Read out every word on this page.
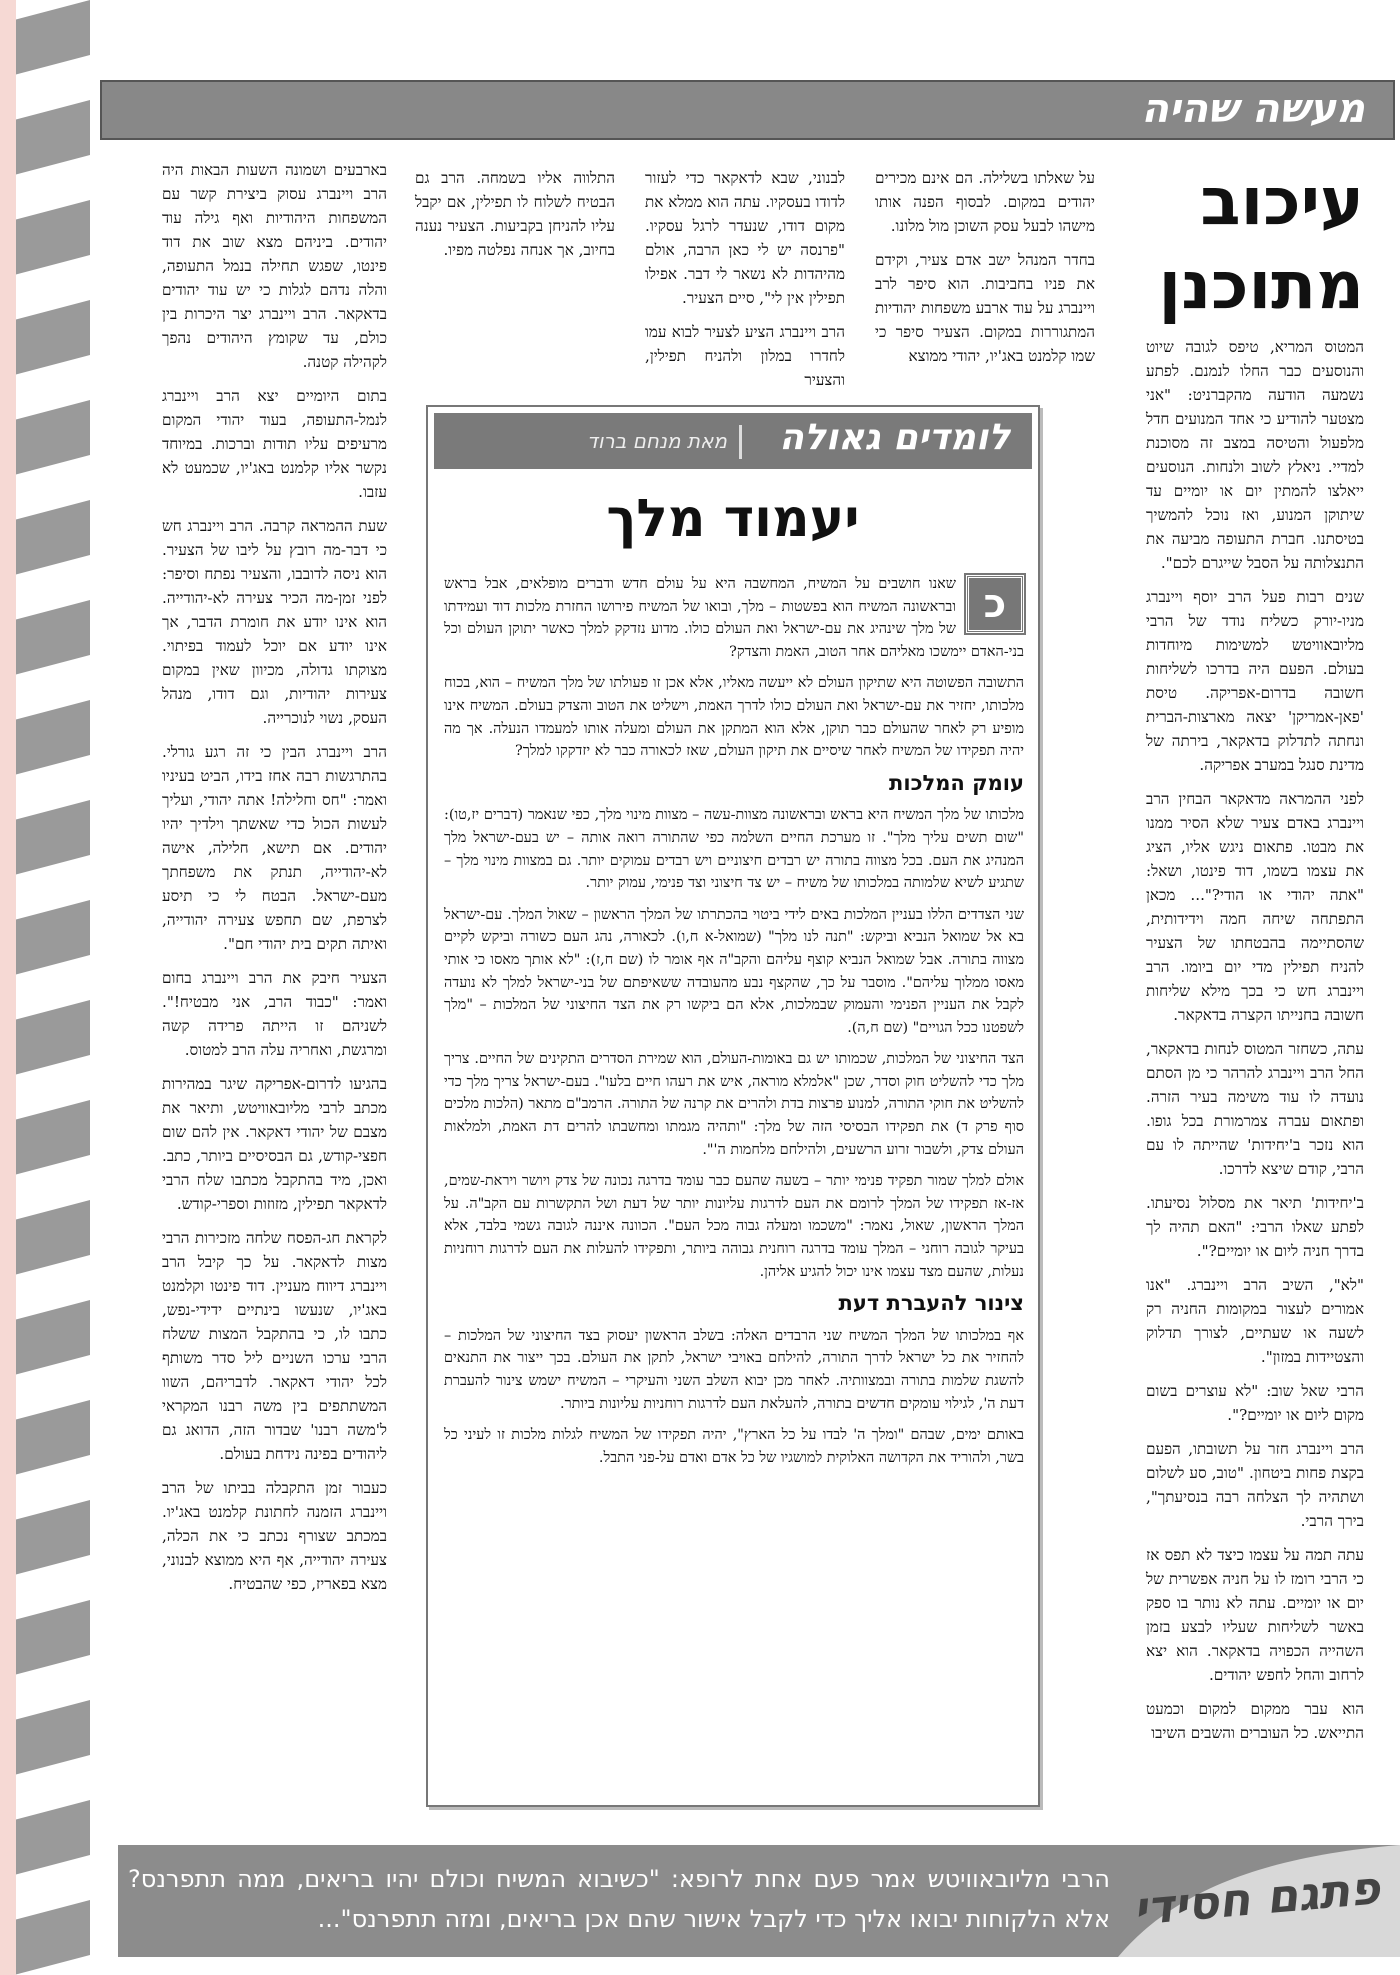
מעשה שהיה
עיכוב מתוכנן

המטוס המריא, טיפס לגובה שיוט והנוסעים כבר החלו לנמנם. לפתע נשמעה הודעה מהקברניט: "אני מצטער להודיע כי אחד המנועים חדל מלפעול והטיסה במצב זה מסוכנת למדיי. ניאלץ לשוב ולנחות. הנוסעים ייאלצו להמתין יום או יומיים עד שיתוקן המנוע, ואז נוכל להמשיך בטיסתנו. חברת התעופה מביעה את התנצלותה על הסבל שייגרם לכם".

שנים רבות פעל הרב יוסף ויינברג מניו-יורק כשליח נודד של הרבי מליובאוויטש למשימות מיוחדות בעולם. הפעם היה בדרכו לשליחות חשובה בדרום-אפריקה. טיסת 'פאן-אמריקן' יצאה מארצות-הברית ונחתה לתדלוק בדאקאר, בירתה של מדינת סנגל במערב אפריקה.

לפני ההמראה מדאקאר הבחין הרב ויינברג באדם צעיר שלא הסיר ממנו את מבטו. פתאום ניגש אליו, הציג את עצמו בשמו, דוד פינטו, ושאל: "אתה יהודי או הודי?"... מכאן התפתחה שיחה חמה וידידותית, שהסתיימה בהבטחתו של הצעיר להניח תפילין מדי יום ביומו. הרב ויינברג חש כי בכך מילא שליחות חשובה בחנייתו הקצרה בדאקאר.

עתה, כשחזר המטוס לנחות בדאקאר, החל הרב ויינברג להרהר כי מן הסתם נועדה לו עוד משימה בעיר הזרה. ופתאום עברה צמרמורת בכל גופו. הוא נזכר ב'יחידות' שהייתה לו עם הרבי, קודם שיצא לדרכו.

ב'יחידות' תיאר את מסלול נסיעתו. לפתע שאלו הרבי: "האם תהיה לך בדרך חניה ליום או יומיים?".

"לא", השיב הרב ויינברג. "אנו אמורים לעצור במקומות החניה רק לשעה או שעתיים, לצורך תדלוק והצטיידות במזון".

הרבי שאל שוב: "לא עוצרים בשום מקום ליום או יומיים?".

הרב ויינברג חזר על תשובתו, הפעם בקצת פחות ביטחון. "טוב, סע לשלום ושתהיה לך הצלחה רבה בנסיעתך", בירך הרבי.

עתה תמה על עצמו כיצד לא תפס אז כי הרבי רומז לו על חניה אפשרית של יום או יומיים. עתה לא נותר בו ספק באשר לשליחות שעליו לבצע בזמן השהייה הכפויה בדאקאר. הוא יצא לרחוב והחל לחפש יהודים.

הוא עבר ממקום למקום וכמעט התייאש. כל העוברים והשבים השיבו

על שאלתו בשלילה. הם אינם מכירים יהודים במקום. לבסוף הפנה אותו מישהו לבעל עסק השוכן מול מלונו.

בחדר המנהל ישב אדם צעיר, וקידם את פניו בחביבות. הוא סיפר לרב ויינברג על עוד ארבע משפחות יהודיות המתגוררות במקום. הצעיר סיפר כי שמו קלמנט באג'יו, יהודי ממוצא

לבנוני, שבא לדאקאר כדי לעזור לדודו בעסקיו. עתה הוא ממלא את מקום דודו, שנעדר לרגל עסקיו. "פרנסה יש לי כאן הרבה, אולם מהיהדות לא נשאר לי דבר. אפילו תפילין אין לי", סיים הצעיר.

הרב ויינברג הציע לצעיר לבוא עמו לחדרו במלון ולהניח תפילין, והצעיר

התלווה אליו בשמחה. הרב גם הבטיח לשלוח לו תפילין, אם יקבל עליו להניחן בקביעות. הצעיר נענה בחיוב, אך אנחה נפלטה מפיו.

בארבעים ושמונה השעות הבאות היה הרב ויינברג עסוק ביצירת קשר עם המשפחות היהודיות ואף גילה עוד יהודים. ביניהם מצא שוב את דוד פינטו, שפגש תחילה בנמל התעופה, והלה נדהם לגלות כי יש עוד יהודים בדאקאר. הרב ויינברג יצר היכרות בין כולם, עד שקומץ היהודים נהפך לקהילה קטנה.

בתום היומיים יצא הרב ויינברג לנמל-התעופה, בעוד יהודי המקום מרעיפים עליו תודות וברכות. במיוחד נקשר אליו קלמנט באג'יו, שכמעט לא עזבו.

שעת ההמראה קרבה. הרב ויינברג חש כי דבר-מה רובץ על ליבו של הצעיר. הוא ניסה לדובבו, והצעיר נפתח וסיפר: לפני זמן-מה הכיר צעירה לא-יהודייה. הוא אינו יודע את חומרת הדבר, אך אינו יודע אם יוכל לעמוד בפיתוי. מצוקתו גדולה, מכיוון שאין במקום צעירות יהודיות, וגם דודו, מנהל העסק, נשוי לנוכרייה.

הרב ויינברג הבין כי זה רגע גורלי. בהתרגשות רבה אחז בידו, הביט בעיניו ואמר: "חס וחלילה! אתה יהודי, ועליך לעשות הכול כדי שאשתך וילדיך יהיו יהודים. אם תישא, חלילה, אישה לא-יהודייה, תנתק את משפחתך מעם-ישראל. הבטח לי כי תיסע לצרפת, שם תחפש צעירה יהודייה, ואיתה תקים בית יהודי חם".

הצעיר חיבק את הרב ויינברג בחום ואמר: "כבוד הרב, אני מבטיח!". לשניהם זו הייתה פרידה קשה ומרגשת, ואחריה עלה הרב למטוס.

בהגיעו לדרום-אפריקה שיגר במהירות מכתב לרבי מליובאוויטש, ותיאר את מצבם של יהודי דאקאר. אין להם שום חפצי-קודש, גם הבסיסיים ביותר, כתב. ואכן, מיד בהתקבל מכתבו שלח הרבי לדאקאר תפילין, מזוזות וספרי-קודש.

לקראת חג-הפסח שלחה מזכירות הרבי מצות לדאקאר. על כך קיבל הרב ויינברג דיווח מעניין. דוד פינטו וקלמנט באג'יו, שנעשו בינתיים ידידי-נפש, כתבו לו, כי בהתקבל המצות ששלח הרבי ערכו השניים ליל סדר משותף לכל יהודי דאקאר. לדבריהם, השוו המשתתפים בין משה רבנו המקראי ל'משה רבנו' שבדור הזה, הדואג גם ליהודים בפינה נידחת בעולם.

כעבור זמן התקבלה בביתו של הרב ויינברג הזמנה לחתונת קלמנט באג'יו. במכתב שצורף נכתב כי את הכלה, צעירה יהודייה, אף היא ממוצא לבנוני, מצא בפאריז, כפי שהבטיח.

לומדים גאולה
מאת מנחם ברוד
יעמוד מלך

כ
שאנו חושבים על המשיח, המחשבה היא על עולם חדש ודברים מופלאים, אבל בראש ובראשונה המשיח הוא בפשטות – מלך, ובואו של המשיח פירושו החזרת מלכות דוד ועמידתו של מלך שינהיג את עם-ישראל ואת העולם כולו. מדוע נזדקק למלך כאשר יתוקן העולם וכל בני-האדם יימשכו מאליהם אחר הטוב, האמת והצדק?

התשובה הפשוטה היא שתיקון העולם לא ייעשה מאליו, אלא אכן זו פעולתו של מלך המשיח – הוא, בכוח מלכותו, יחזיר את עם-ישראל ואת העולם כולו לדרך האמת, וישליט את הטוב והצדק בעולם. המשיח אינו מופיע רק לאחר שהעולם כבר תוקן, אלא הוא המתקן את העולם ומעלה אותו למעמדו הנעלה. אך מה יהיה תפקידו של המשיח לאחר שיסיים את תיקון העולם, שאז לכאורה כבר לא יזדקקו למלך?

עומק המלכות

מלכותו של מלך המשיח היא בראש ובראשונה מצוות-עשה – מצוות מינוי מלך, כפי שנאמר (דברים יז,טו): "שום תשים עליך מלך". זו מערכת החיים השלמה כפי שהתורה רואה אותה – יש בעם-ישראל מלך המנהיג את העם. בכל מצווה בתורה יש רבדים חיצוניים ויש רבדים עמוקים יותר. גם במצוות מינוי מלך – שתגיע לשיא שלמותה במלכותו של משיח – יש צד חיצוני וצד פנימי, עמוק יותר.

שני הצדדים הללו בעניין המלכות באים לידי ביטוי בהכתרתו של המלך הראשון – שאול המלך. עם-ישראל בא אל שמואל הנביא וביקש: "תנה לנו מלך" (שמואל-א ח,ו). לכאורה, נהג העם כשורה וביקש לקיים מצווה בתורה. אבל שמואל הנביא קוצף עליהם והקב"ה אף אומר לו (שם ח,ז): "לא אותך מאסו כי אותי מאסו ממלוך עליהם". מוסבר על כך, שהקצף נבע מהעובדה ששאיפתם של בני-ישראל למלך לא נועדה לקבל את העניין הפנימי והעמוק שבמלכות, אלא הם ביקשו רק את הצד החיצוני של המלכות – "מלך לשפטנו ככל הגויים" (שם ח,ה).

הצד החיצוני של המלכות, שכמותו יש גם באומות-העולם, הוא שמירת הסדרים התקינים של החיים. צריך מלך כדי להשליט חוק וסדר, שכן "אלמלא מוראה, איש את רעהו חיים בלעו". בעם-ישראל צריך מלך כדי להשליט את חוקי התורה, למנוע פרצות בדת ולהרים את קרנה של התורה. הרמב"ם מתאר (הלכות מלכים סוף פרק ד) את תפקידו הבסיסי הזה של מלך: "ותהיה מגמתו ומחשבתו להרים דת האמת, ולמלאות העולם צדק, ולשבור זרוע הרשעים, ולהילחם מלחמות ה'".

אולם למלך שמור תפקיד פנימי יותר – בשעה שהעם כבר עומד בדרגה נכונה של צדק ויושר ויראת-שמים, אז-אז תפקידו של המלך לרומם את העם לדרגות עליונות יותר של דעת ושל התקשרות עם הקב"ה. על המלך הראשון, שאול, נאמר: "משכמו ומעלה גבוה מכל העם". הכוונה איננה לגובה גשמי בלבד, אלא בעיקר לגובה רוחני – המלך עומד בדרגה רוחנית גבוהה ביותר, ותפקידו להעלות את העם לדרגות רוחניות נעלות, שהעם מצד עצמו אינו יכול להגיע אליהן.

צינור להעברת דעת

אף במלכותו של המלך המשיח שני הרבדים האלה: בשלב הראשון יעסוק בצד החיצוני של המלכות – להחזיר את כל ישראל לדרך התורה, להילחם באויבי ישראל, לתקן את העולם. בכך ייצור את התנאים להשגת שלמות בתורה ובמצוותיה. לאחר מכן יבוא השלב השני והעיקרי – המשיח ישמש צינור להעברת דעת ה', לגילוי עומקים חדשים בתורה, להעלאת העם לדרגות רוחניות עליונות ביותר.

באותם ימים, שבהם "ומלך ה' לבדו על כל הארץ", יהיה תפקידו של המשיח לגלות מלכות זו לעיני כל בשר, ולהוריד את הקדושה האלוקית למושגיו של כל אדם ואדם על-פני התבל.

הרבי מליובאוויטש אמר פעם אחת לרופא: "כשיבוא המשיח וכולם יהיו בריאים, ממה תתפרנס? אלא הלקוחות יבואו אליך כדי לקבל אישור שהם אכן בריאים, ומזה תתפרנס"... פתגם חסידי
